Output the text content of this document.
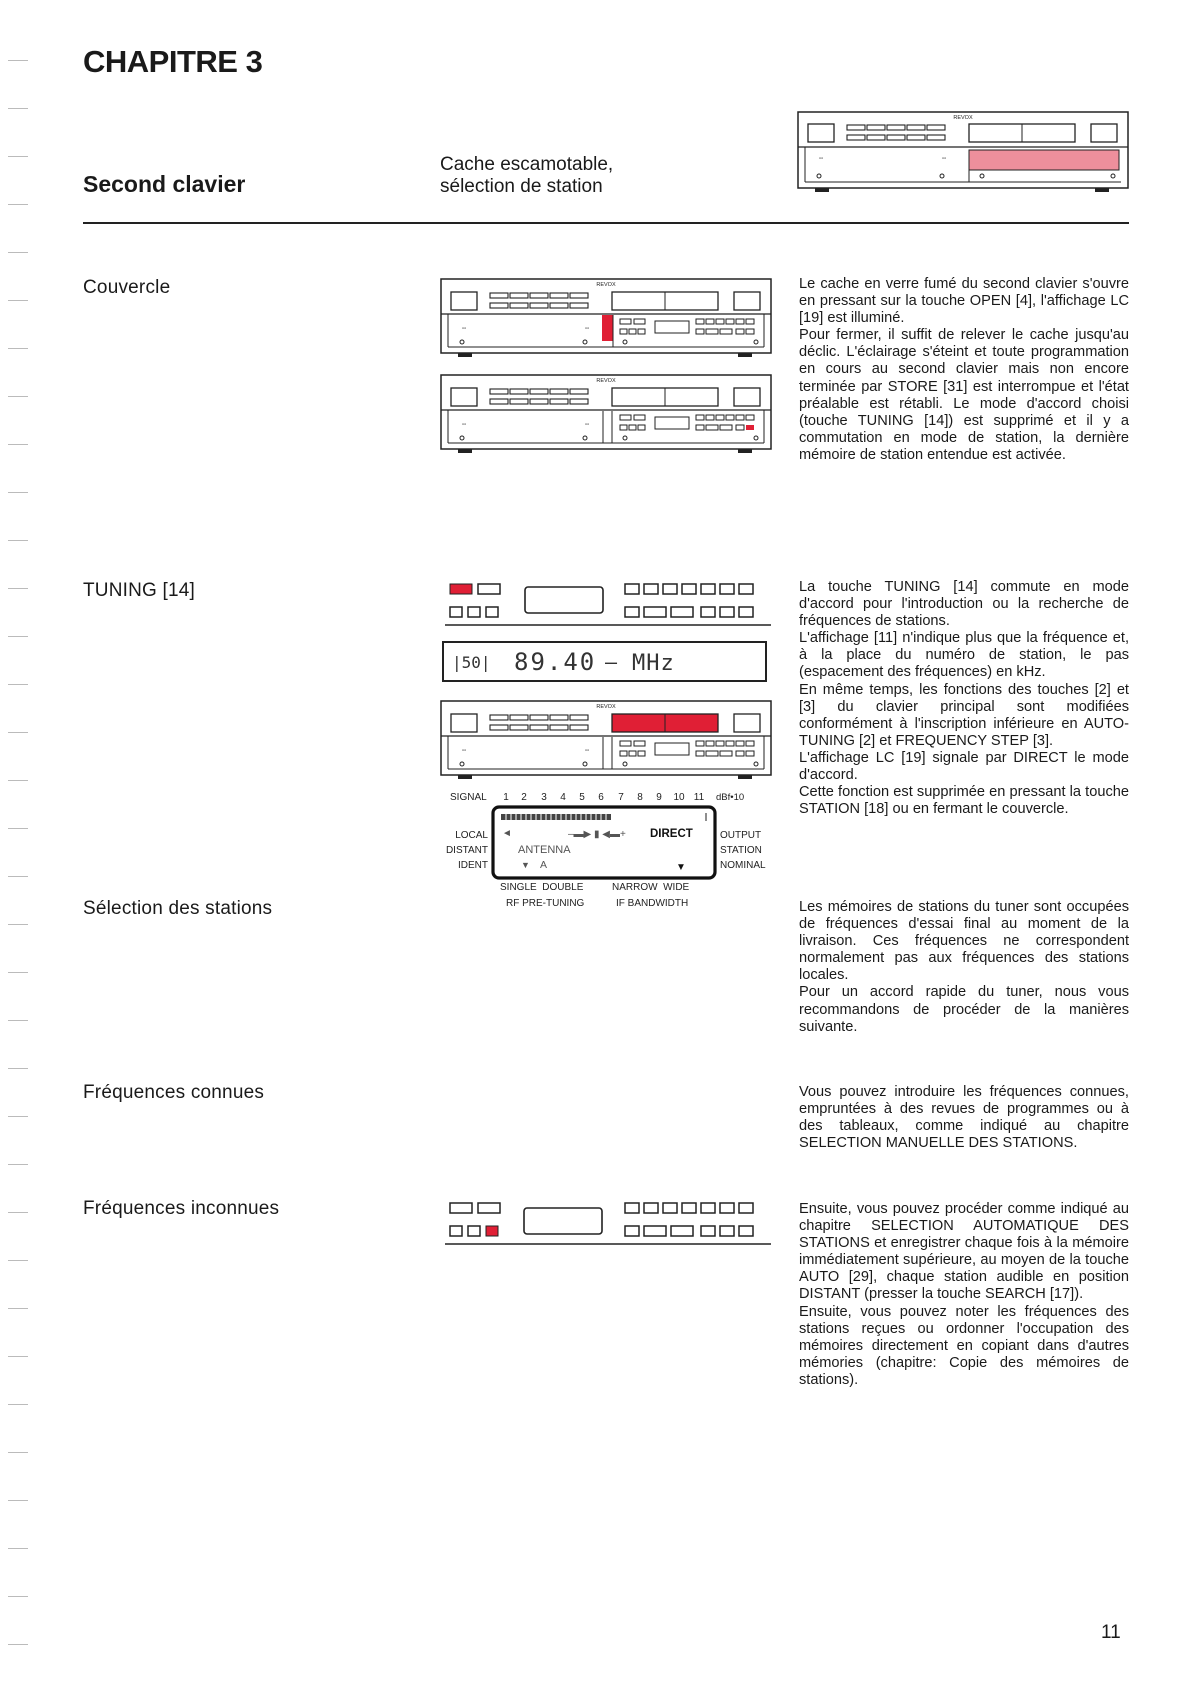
CHAPITRE 3
Second clavier
Cache escamotable,
sélection de station
REVOX
▫▫	▫▫
Couvercle
TUNING [14]
Sélection des stations
Fréquences connues
Fréquences inconnues

Le cache en verre fumé du second clavier s'ouvre en pressant sur la touche OPEN [4], l'affichage LC [19] est illuminé.

Pour fermer, il suffit de relever le cache jusqu'au déclic. L'éclairage s'éteint et toute programmation en cours au second clavier mais non encore terminée par STORE [31] est interrompue et l'état préalable est rétabli. Le mode d'accord choisi (touche TUNING [14]) est supprimé et il y a commutation en mode de station, la dernière mémoire de station entendue est activée.

La touche TUNING [14] commute en mode d'accord pour l'introduction ou la recherche de fréquences de stations.

L'affichage [11] n'indique plus que la fréquence et, à la place du numéro de station, le pas (espacement des fréquences) en kHz.

En même temps, les fonctions des touches [2] et [3] du clavier principal sont modifiées conformément à l'inscription inférieure en AUTO-TUNING [2] et FREQUENCY STEP [3].

L'affichage LC [19] signale par DIRECT le mode d'accord.

Cette fonction est supprimée en pressant la touche STATION [18] ou en fermant le couvercle.

Les mémoires de stations du tuner sont occupées de fréquences d'essai final au moment de la livraison. Ces fréquences ne correspondent normalement pas aux fréquences des stations locales.

Pour un accord rapide du tuner, nous vous recommandons de procéder de la manières suivante.

Vous pouvez introduire les fréquences connues, empruntées à des revues de programmes ou à des tableaux, comme indiqué au chapitre SELECTION MANUELLE DES STATIONS.

Ensuite, vous pouvez procéder comme indiqué au chapitre SELECTION AUTOMATIQUE DES STATIONS et enregistrer chaque fois à la mémoire immédiatement supérieure, au moyen de la touche AUTO [29], chaque station audible en position DISTANT (presser la touche SEARCH [17]).

Ensuite, vous pouvez noter les fréquences des stations reçues ou ordonner l'occupation des mémoires directement en copiant dans d'autres mémories (chapitre: Copie des mémoires de stations).

REVOX
▫▫	▫▫
REVOX
▫▫	▫▫
|50| 89.40 – MHz
REVOX
▫▫	▫▫
SIGNAL 1 2 3 4 5 6 7 8 9 10 11 dBf•10
◄	–▬▶ ▮ ◀▬+ DIRECT
ANTENNA
▼ A	▼
LOCAL
DISTANT
IDENT
OUTPUT
STATION
NOMINAL
SINGLE  DOUBLE
RF PRE-TUNING
NARROW  WIDE
IF BANDWIDTH
11
